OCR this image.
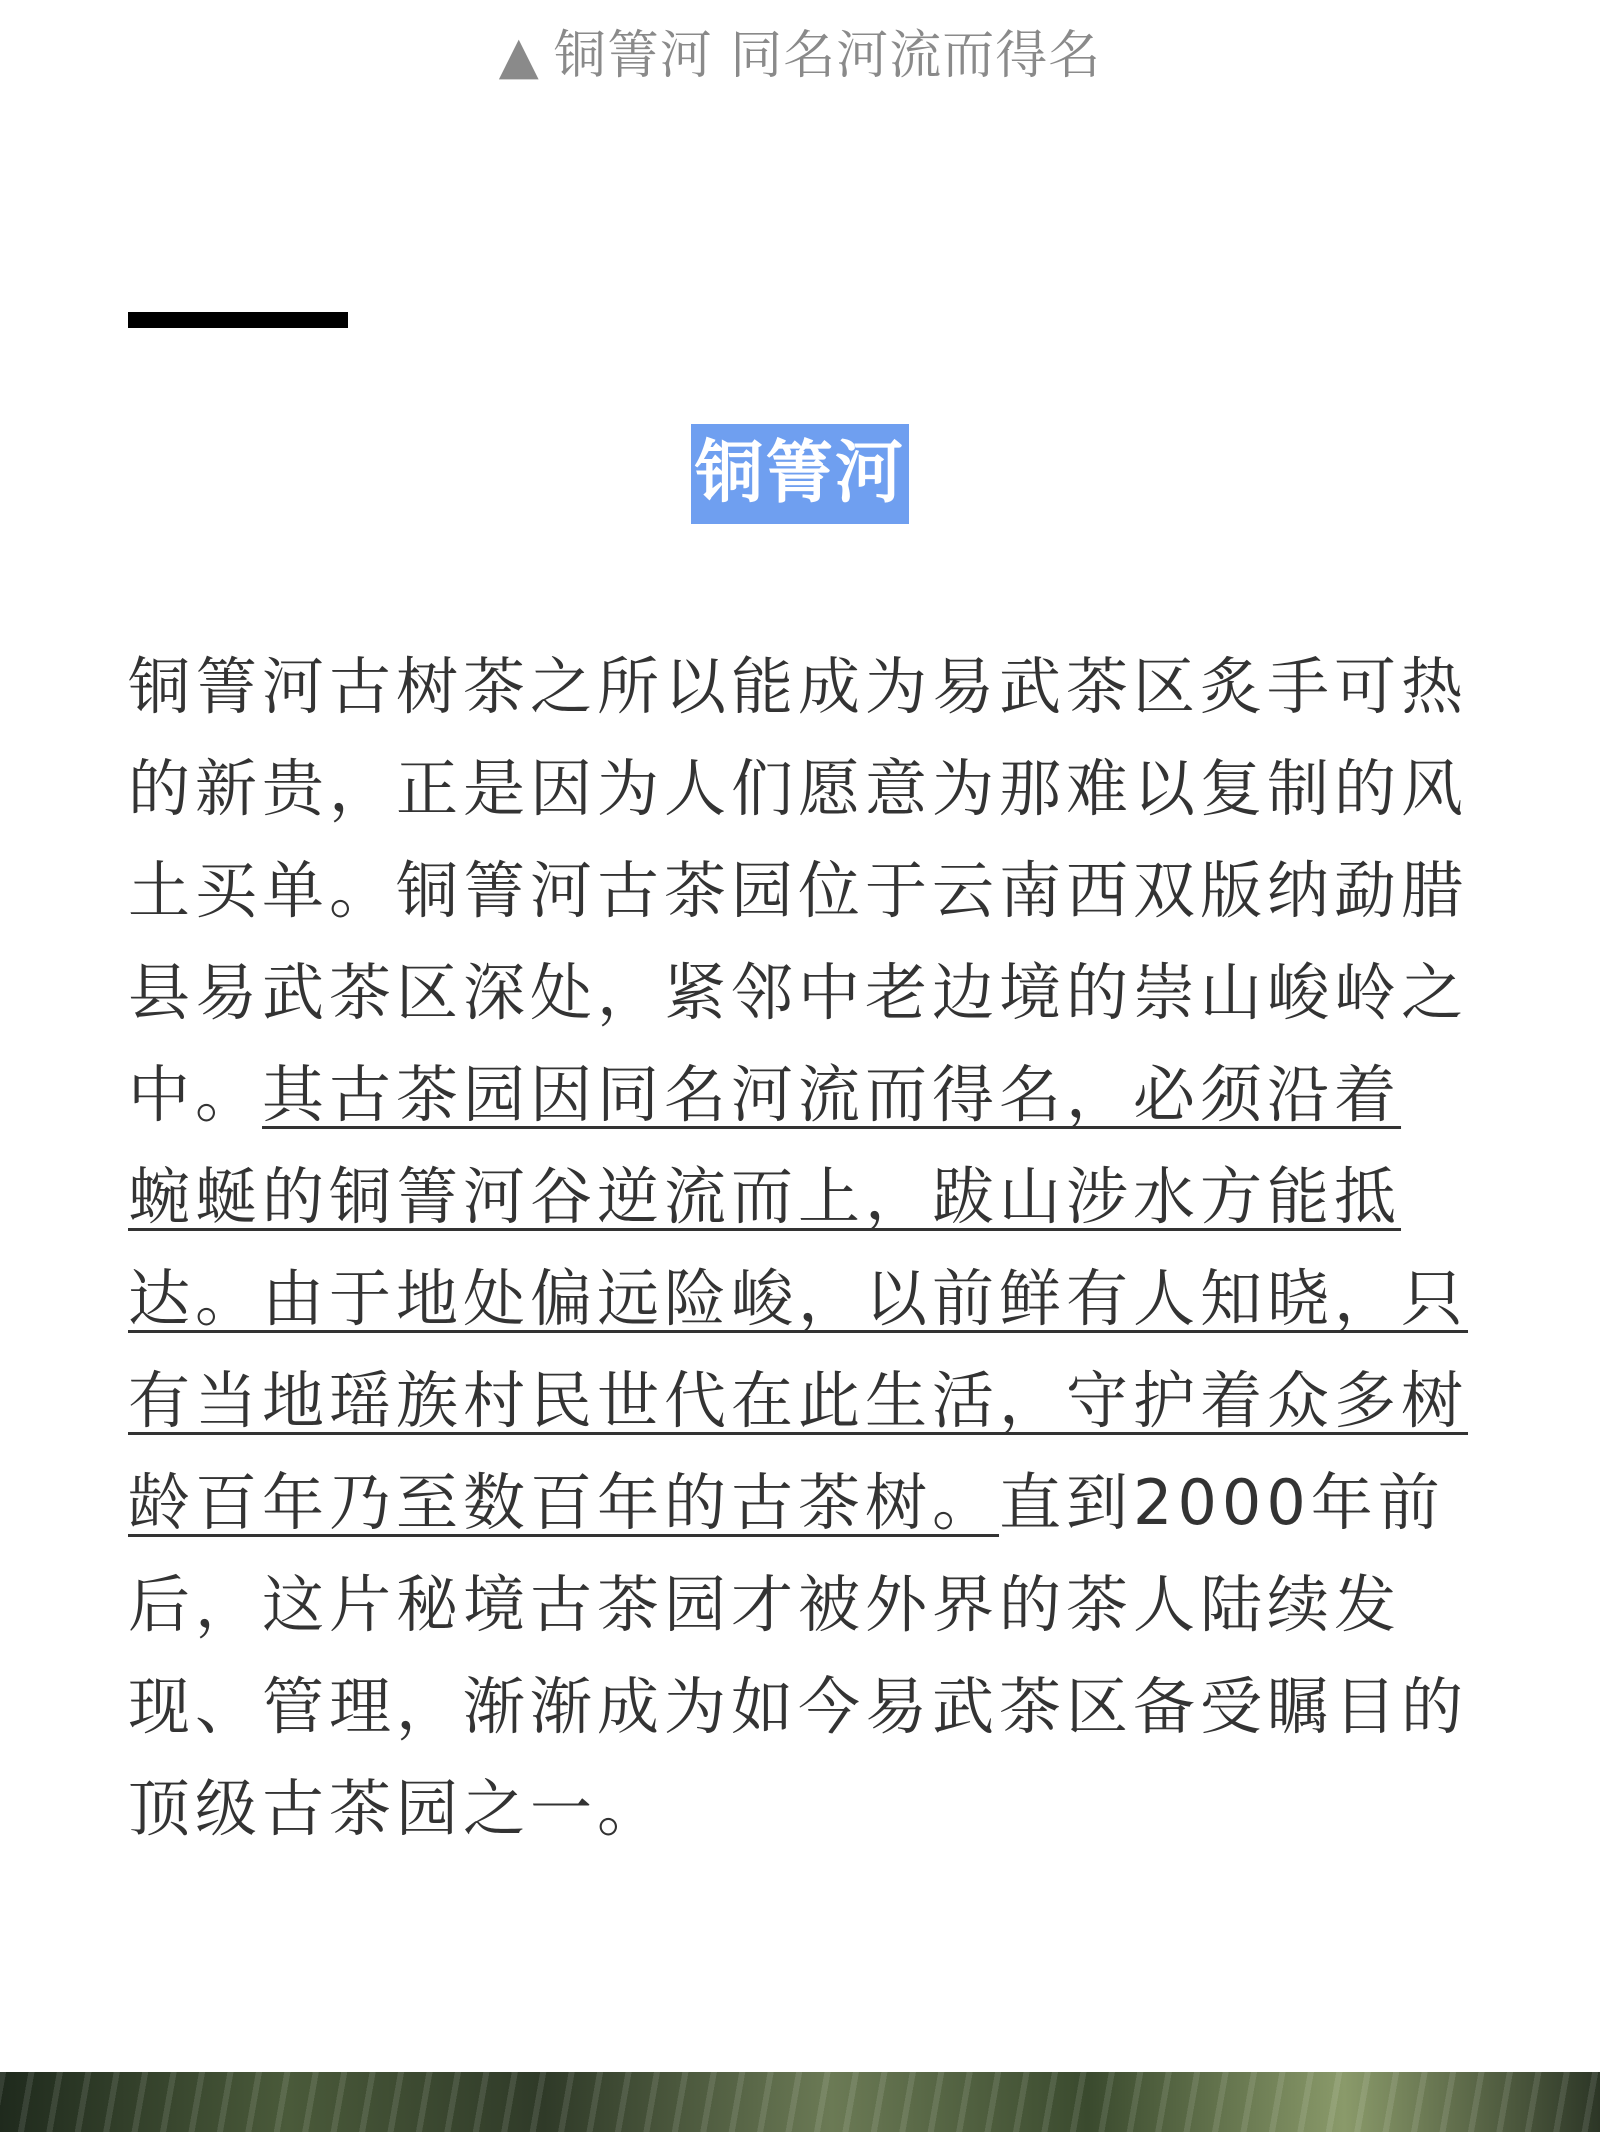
▲ 铜箐河 同名河流而得名
铜箐河

铜箐河古树茶之所以能成为易武茶区炙手可热的新贵，正是因为人们愿意为那难以复制的风土买单。铜箐河古茶园位于云南西双版纳勐腊县易武茶区深处，紧邻中老边境的崇山峻岭之中。其古茶园因同名河流而得名，必须沿着蜿蜒的铜箐河谷逆流而上，跋山涉水方能抵达。由于地处偏远险峻，以前鲜有人知晓，只有当地瑶族村民世代在此生活，守护着众多树龄百年乃至数百年的古茶树。直到2000年前后，这片秘境古茶园才被外界的茶人陆续发现、管理，渐渐成为如今易武茶区备受瞩目的顶级古茶园之一。
